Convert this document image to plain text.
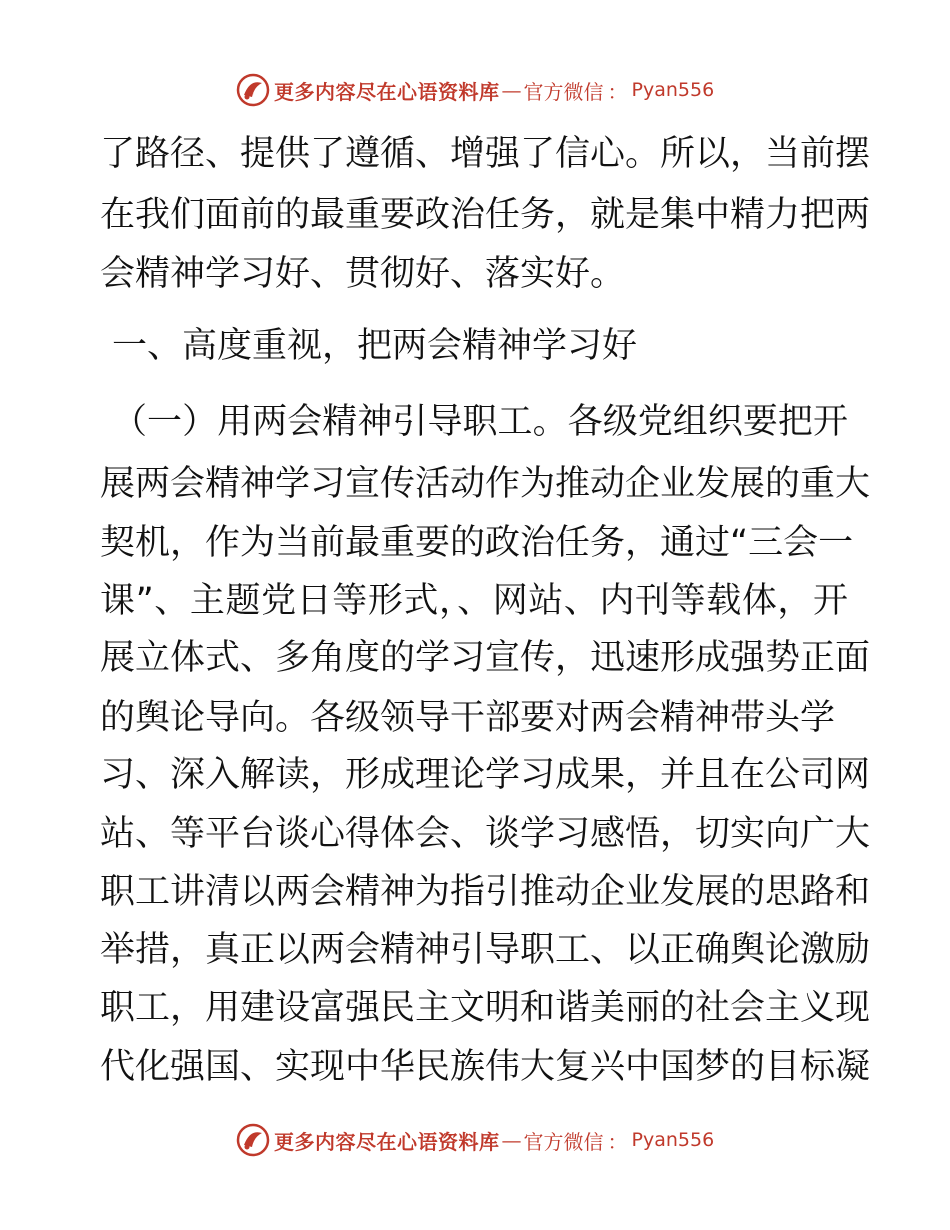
心 更多内容尽在心语资料库 — 官方微信 ： Pyan556
了路径、提供了遵循、增强了信心。所以，当前摆
在我们面前的最重要政治任务，就是集中精力把两
会精神学习好、贯彻好、落实好。
一、高度重视，把两会精神学习好
（一）用两会精神引导职工。各级党组织要把开
展两会精神学习宣传活动作为推动企业发展的重大
契机，作为当前最重要的政治任务，通过“三会一
课”、主题党日等形式，、网站、内刊等载体，开
展立体式、多角度的学习宣传，迅速形成强势正面
的舆论导向。各级领导干部要对两会精神带头学
习、深入解读，形成理论学习成果，并且在公司网
站、等平台谈心得体会、谈学习感悟，切实向广大
职工讲清以两会精神为指引推动企业发展的思路和
举措，真正以两会精神引导职工、以正确舆论激励
职工，用建设富强民主文明和谐美丽的社会主义现
代化强国、实现中华民族伟大复兴中国梦的目标凝
更多内容尽在心语资料库 — 官方微信 ： Pyan556
